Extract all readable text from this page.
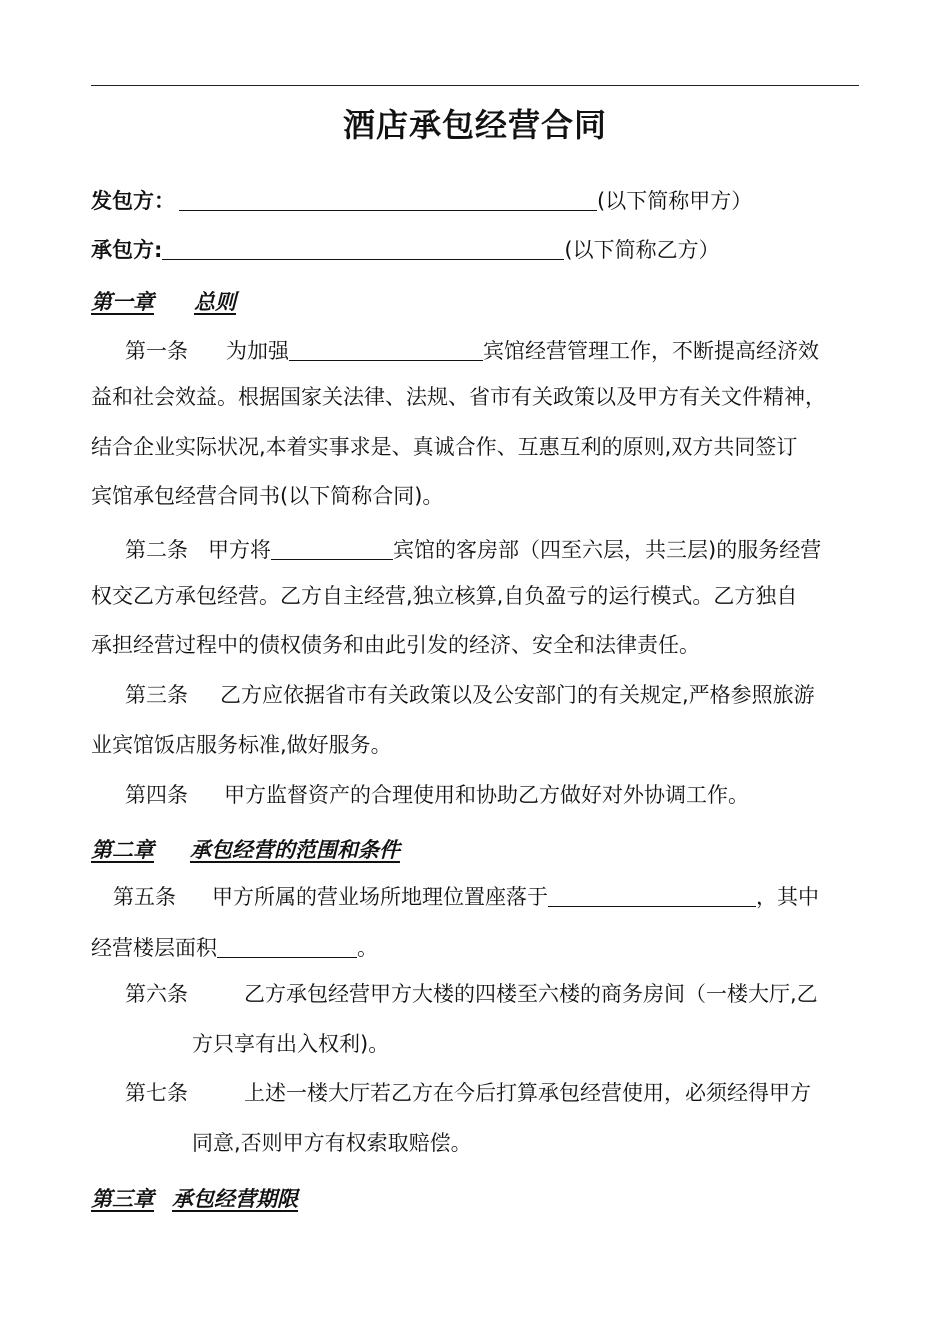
酒店承包经营合同
发包方：	(以下简称甲方）
承包方:	(以下简称乙方）
第一章 总则
第一条 为加强	宾馆经营管理工作，不断提高经济效
益和社会效益。根据国家关法律、法规、省市有关政策以及甲方有关文件精神，
结合企业实际状况,本着实事求是、真诚合作、互惠互利的原则,双方共同签订
宾馆承包经营合同书(以下简称合同)。
第二条 甲方将	宾馆的客房部（四至六层，共三层)的服务经营
权交乙方承包经营。乙方自主经营,独立核算,自负盈亏的运行模式。乙方独自
承担经营过程中的债权债务和由此引发的经济、安全和法律责任。
第三条 乙方应依据省市有关政策以及公安部门的有关规定,严格参照旅游
业宾馆饭店服务标准,做好服务。
第四条 甲方监督资产的合理使用和协助乙方做好对外协调工作。
第二章 承包经营的范围和条件
第五条 甲方所属的营业场所地理位置座落于	，其中
经营楼层面积	。
第六条	乙方承包经营甲方大楼的四楼至六楼的商务房间（一楼大厅,乙
方只享有出入权利)。
第七条	上述一楼大厅若乙方在今后打算承包经营使用，必须经得甲方
同意,否则甲方有权索取赔偿。
第三章 承包经营期限
